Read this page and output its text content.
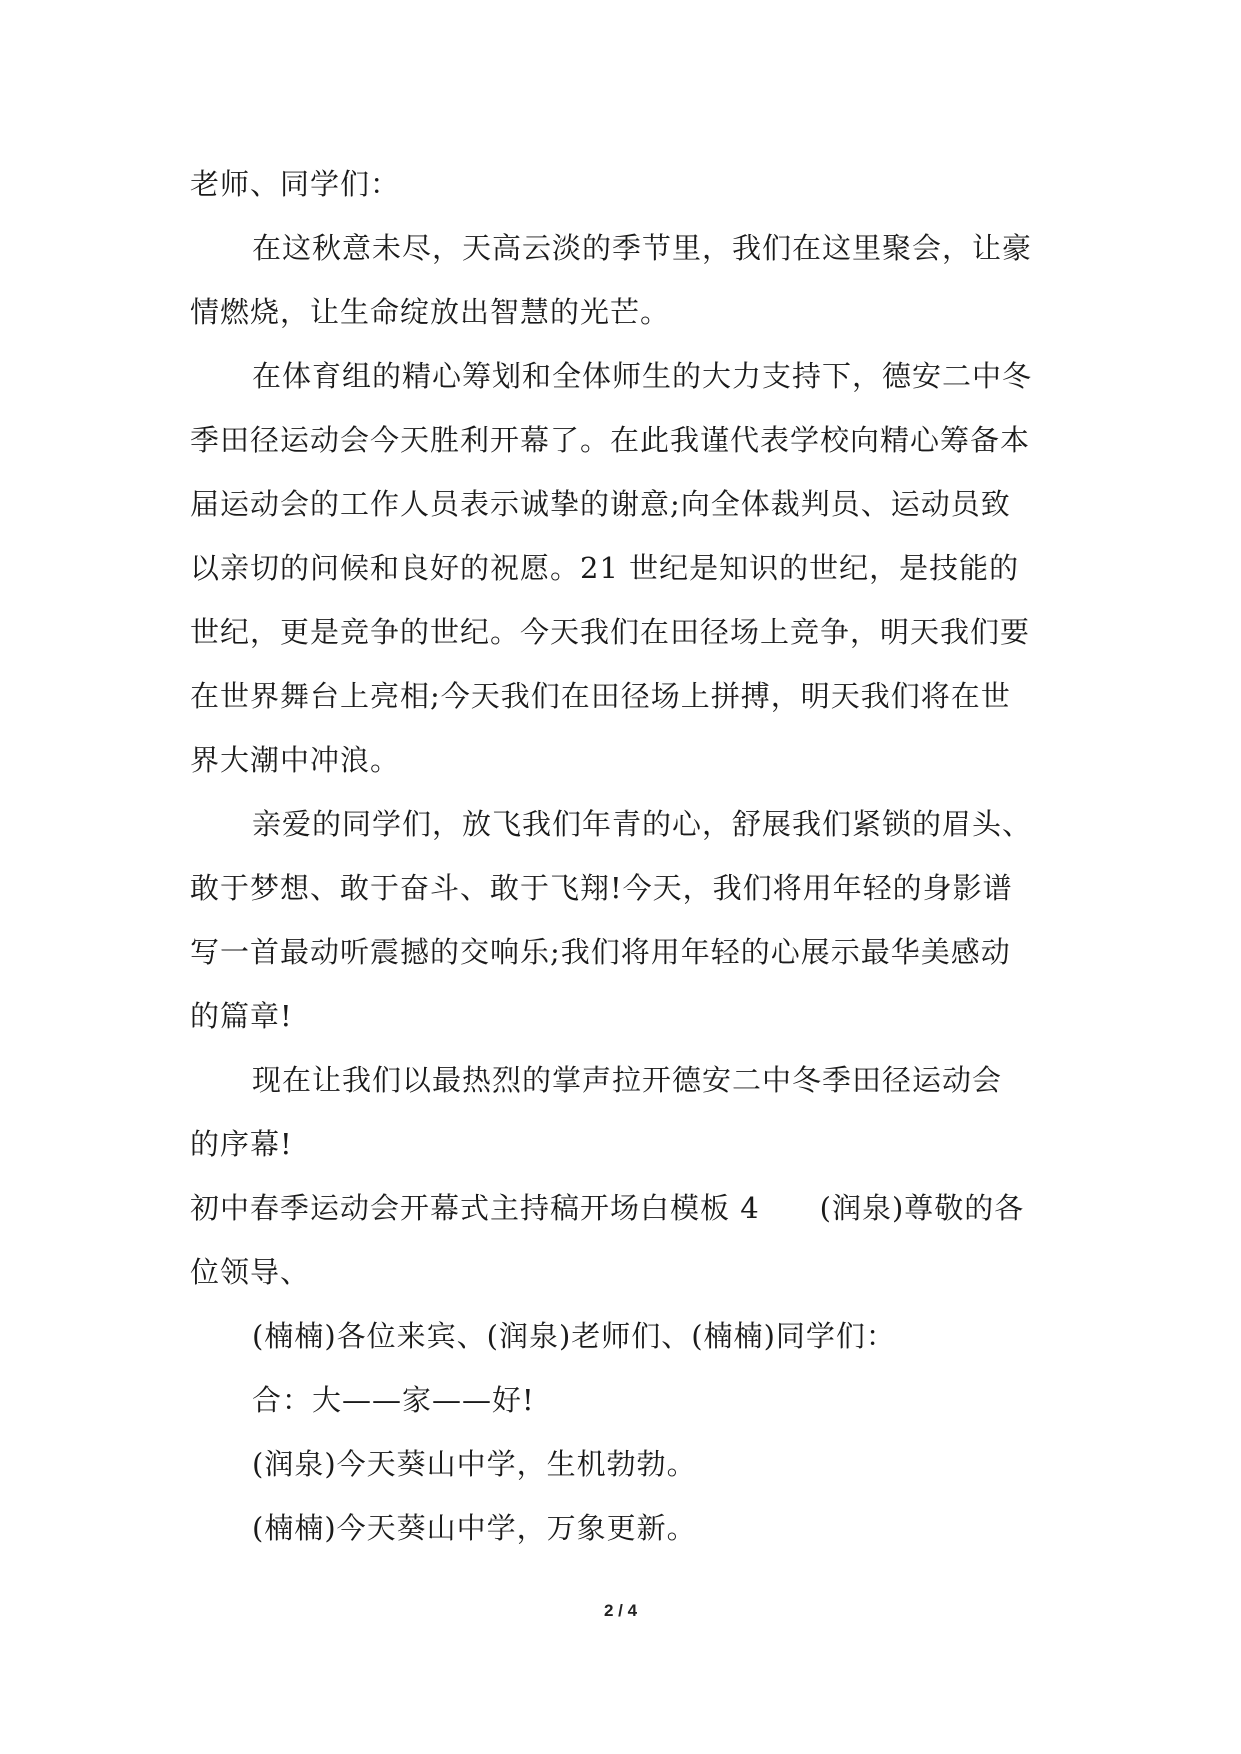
老师、同学们：
在这秋意未尽，天高云淡的季节里，我们在这里聚会，让豪
情燃烧，让生命绽放出智慧的光芒。
在体育组的精心筹划和全体师生的大力支持下，德安二中冬
季田径运动会今天胜利开幕了。在此我谨代表学校向精心筹备本
届运动会的工作人员表示诚挚的谢意;向全体裁判员、运动员致
以亲切的问候和良好的祝愿。21 世纪是知识的世纪，是技能的
世纪，更是竞争的世纪。今天我们在田径场上竞争，明天我们要
在世界舞台上亮相;今天我们在田径场上拼搏，明天我们将在世
界大潮中冲浪。
亲爱的同学们，放飞我们年青的心，舒展我们紧锁的眉头、
敢于梦想、敢于奋斗、敢于飞翔!今天，我们将用年轻的身影谱
写一首最动听震撼的交响乐;我们将用年轻的心展示最华美感动
的篇章!
现在让我们以最热烈的掌声拉开德安二中冬季田径运动会
的序幕!
初中春季运动会开幕式主持稿开场白模板 4　　(润泉)尊敬的各
位领导、
(楠楠)各位来宾、(润泉)老师们、(楠楠)同学们：
合：大——家——好!
(润泉)今天葵山中学，生机勃勃。
(楠楠)今天葵山中学，万象更新。
2 / 4
